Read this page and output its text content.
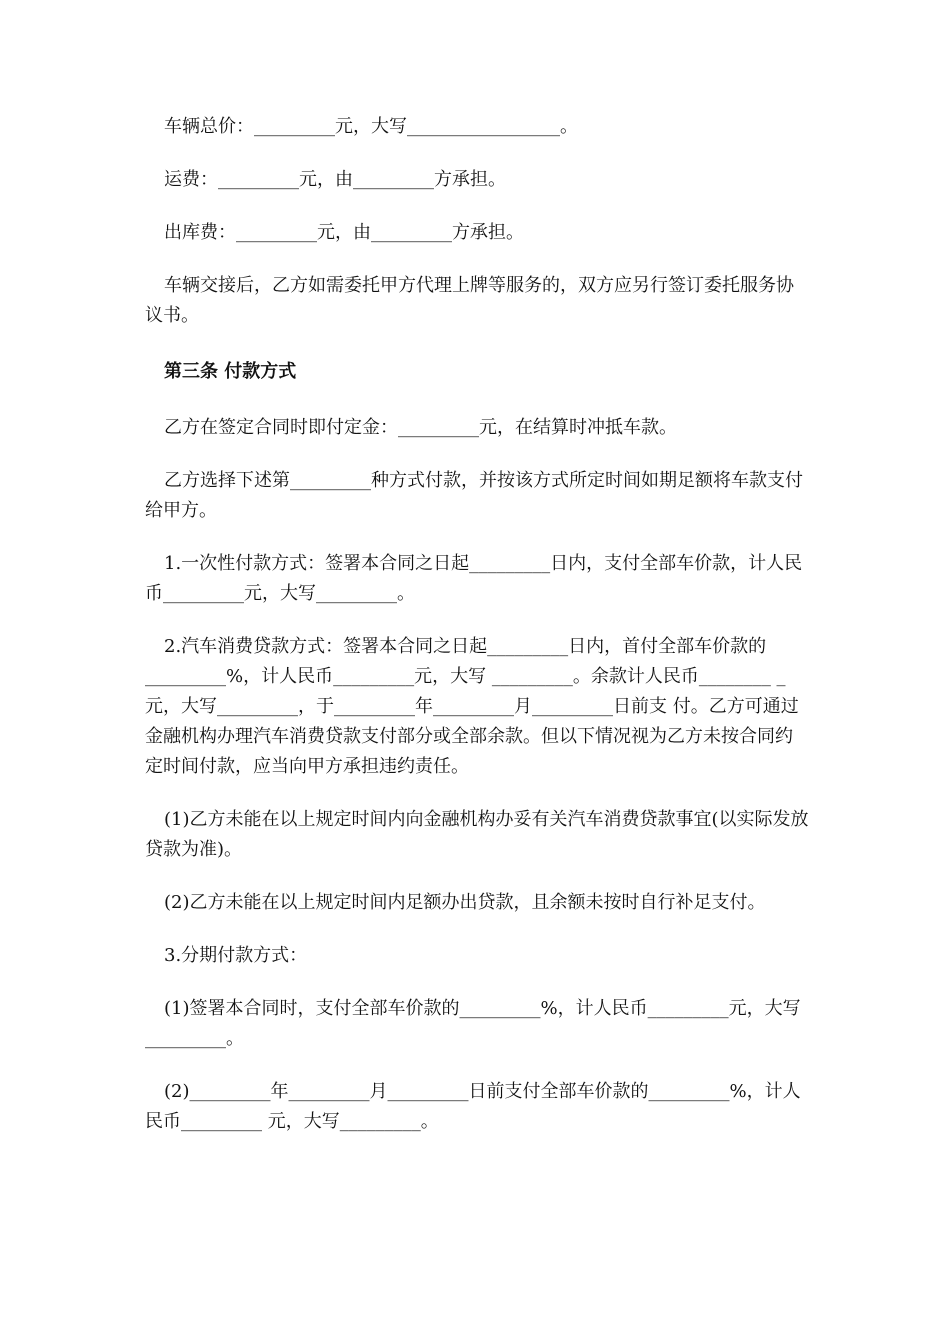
车辆总价：_________元，大写_________________。

运费：_________元，由_________方承担。

出库费：_________元，由_________方承担。

车辆交接后，乙方如需委托甲方代理上牌等服务的，双方应另行签订委托服务协议书。

第三条 付款方式

乙方在签定合同时即付定金：_________元，在结算时冲抵车款。

乙方选择下述第_________种方式付款，并按该方式所定时间如期足额将车款支付给甲方。

1.一次性付款方式：签署本合同之日起_________日内，支付全部车价款，计人民币_________元，大写_________。

2.汽车消费贷款方式：签署本合同之日起_________日内，首付全部车价款的_________%，计人民币_________元，大写 _________。余款计人民币________ _元，大写_________，于_________年_________月_________日前支 付。乙方可通过金融机构办理汽车消费贷款支付部分或全部余款。但以下情况视为乙方未按合同约定时间付款，应当向甲方承担违约责任。

(1)乙方未能在以上规定时间内向金融机构办妥有关汽车消费贷款事宜(以实际发放贷款为准)。

(2)乙方未能在以上规定时间内足额办出贷款，且余额未按时自行补足支付。

3.分期付款方式：

(1)签署本合同时，支付全部车价款的_________%，计人民币_________元，大写_________。

(2)_________年_________月_________日前支付全部车价款的_________%，计人民币_________ 元，大写_________。
